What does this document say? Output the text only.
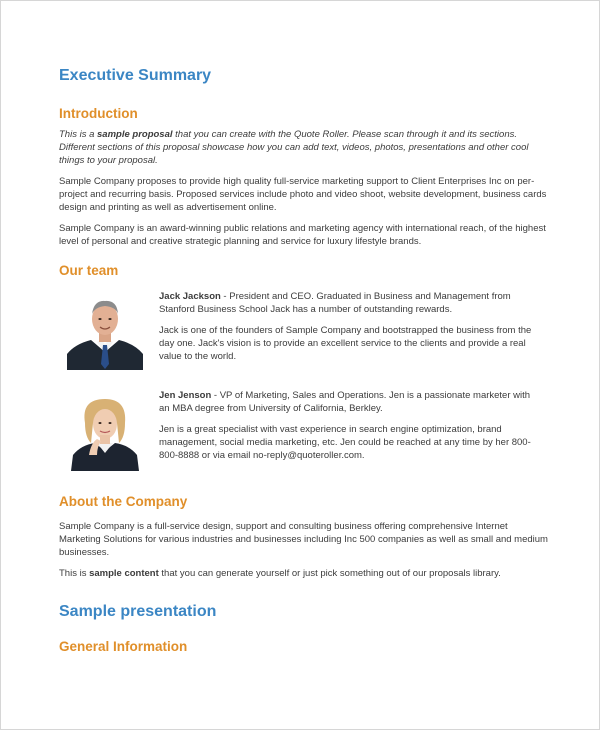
Executive Summary
Introduction

This is a sample proposal that you can create with the Quote Roller. Please scan through it and its sections. Different sections of this proposal showcase how you can add text, videos, photos, presentations and other cool things to your proposal.

Sample Company proposes to provide high quality full-service marketing support to Client Enterprises Inc on per-project and recurring basis. Proposed services include photo and video shoot, website development, business cards design and printing as well as advertisement online.

Sample Company is an award-winning public relations and marketing agency with international reach, of the highest level of personal and creative strategic planning and service for luxury lifestyle brands.

Our team

Jack Jackson - President and CEO. Graduated in Business and Management from Stanford Business School Jack has a number of outstanding rewards.

Jack is one of the founders of Sample Company and bootstrapped the business from the day one. Jack's vision is to provide an excellent service to the clients and provide a real value to the world.

Jen Jenson - VP of Marketing, Sales and Operations. Jen is a passionate marketer with an MBA degree from University of California, Berkley.

Jen is a great specialist with vast experience in search engine optimization, brand management, social media marketing, etc. Jen could be reached at any time by her 800-800-8888 or via email no-reply@quoteroller.com.

About the Company

Sample Company is a full-service design, support and consulting business offering comprehensive Internet Marketing Solutions for various industries and businesses including Inc 500 companies as well as small and medium businesses.

This is sample content that you can generate yourself or just pick something out of our proposals library.

Sample presentation
General Information
